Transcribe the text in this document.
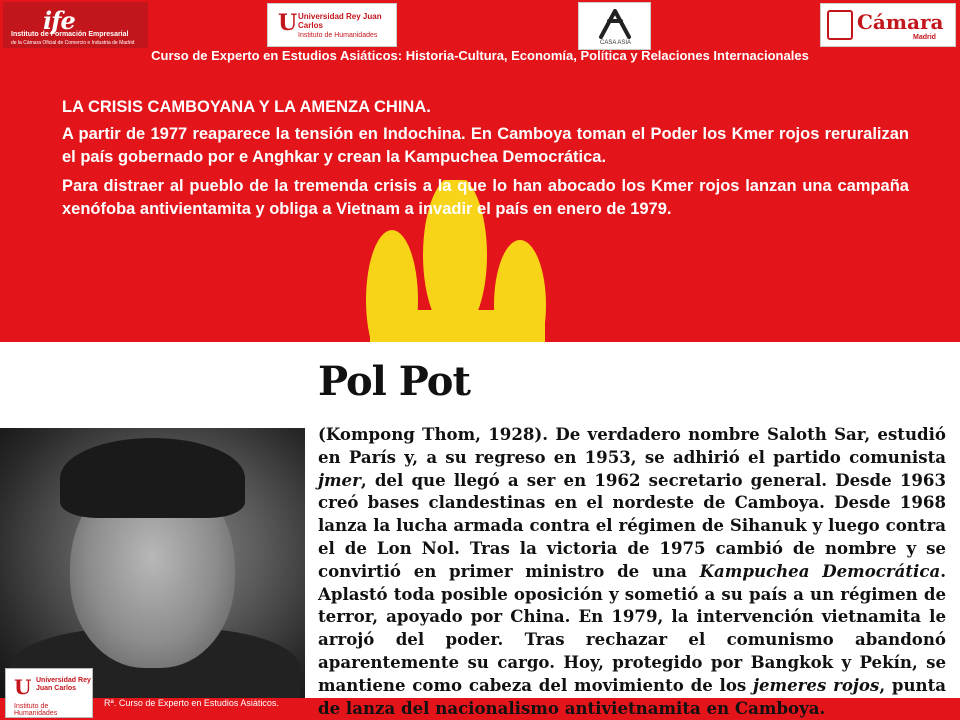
ife
Instituto de Formación Empresarial
de la Cámara Oficial de Comercio e Industria de Madrid
U Universidad Rey Juan Carlos
Instituto de Humanidades
CASA ASIA
Cámara
Madrid
Curso de Experto en Estudios Asiáticos: Historia-Cultura, Economía, Política y Relaciones Internacionales

LA CRISIS CAMBOYANA Y LA AMENZA CHINA.

A partir de 1977 reaparece la tensión en Indochina. En Camboya toman el Poder los Kmer rojos reruralizan el país gobernado por e Anghkar y crean la Kampuchea Democrática.

Para distraer al pueblo de la tremenda crisis a la que lo han abocado los Kmer rojos lanzan una campaña xenófoba antivientamita y obliga a Vietnam a invadir el país en enero de 1979.

Pol Pot
(Kompong Thom, 1928). De verdadero nombre Saloth Sar, estudió en París y, a su regreso en 1953, se adhirió el partido comunista jmer, del que llegó a ser en 1962 secretario general. Desde 1963 creó bases clandestinas en el nordeste de Camboya. Desde 1968 lanza la lucha armada contra el régimen de Sihanuk y luego contra el de Lon Nol. Tras la victoria de 1975 cambió de nombre y se convirtió en primer ministro de una Kampuchea Democrática. Aplastó toda posible oposición y sometió a su país a un régimen de terror, apoyado por China. En 1979, la intervención vietnamita le arrojó del poder. Tras rechazar el comunismo abandonó aparentemente su cargo. Hoy, protegido por Bangkok y Pekín, se mantiene como cabeza del movimiento de los jemeres rojos, punta de lanza del nacionalismo antivietnamita en Camboya.
U Universidad Rey Juan Carlos
Instituto de Humanidades
Rª. Curso de Experto en Estudios Asiáticos.
